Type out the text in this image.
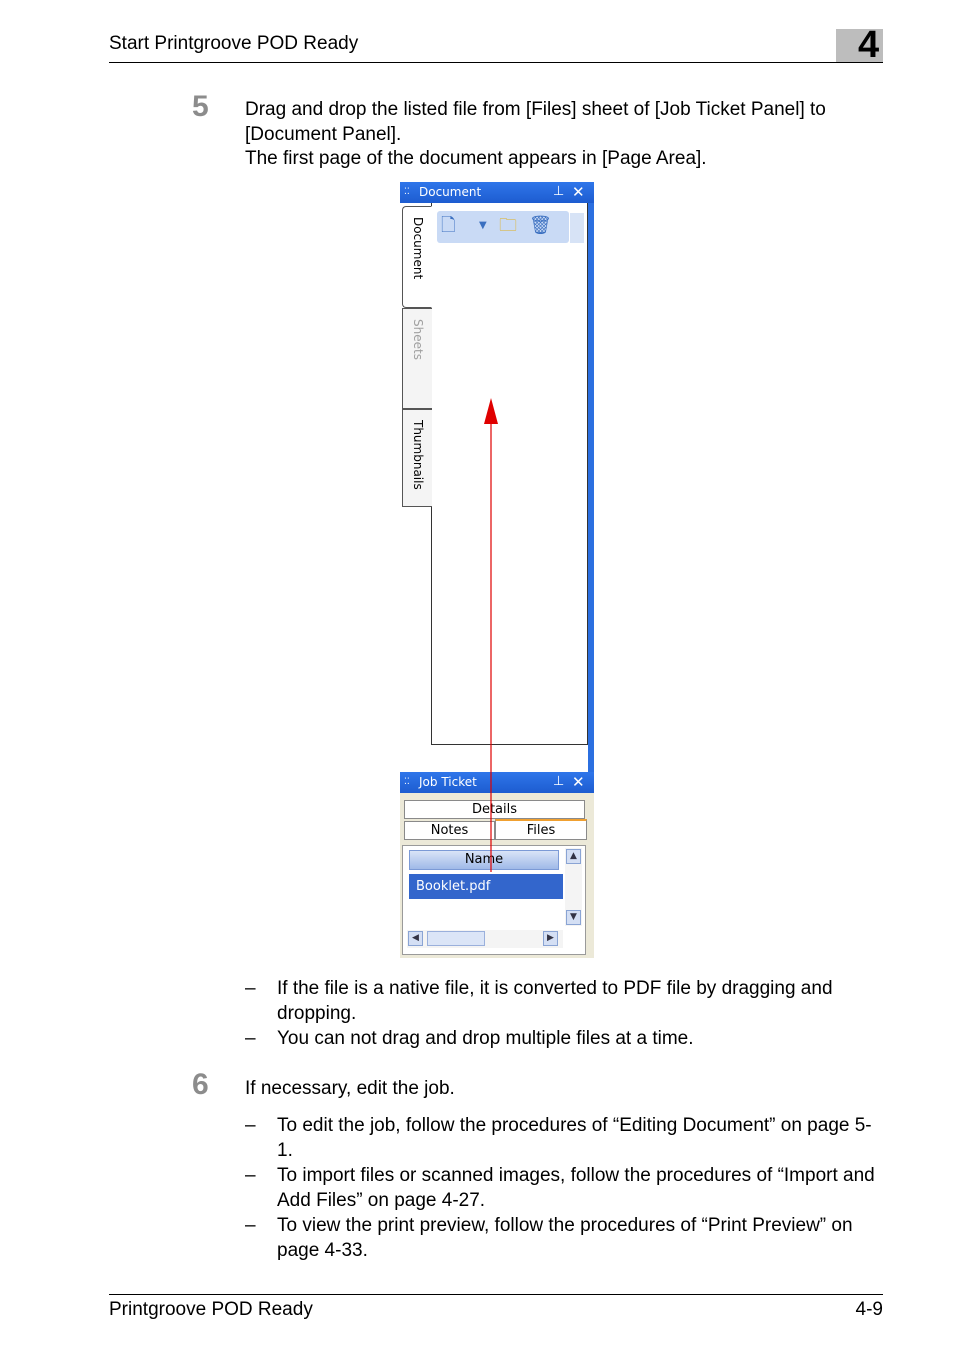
Start Printgroove POD Ready	4
5 Drag and drop the listed file from [Files] sheet of [Job Ticket Panel] to [Document Panel].
The first page of the document appears in [Page Area].
⁚⁚ Document	⊥ ✕
Document
Sheets
Thumbnails
🗋 ▼ 🗀 🗑
⁚⁚ Job Ticket	⊥ ✕
Details
Notes	Files
Name
Booklet.pdf
▲
▼
◀	▶
– If the file is a native file, it is converted to PDF file by dragging and dropping.
– You can not drag and drop multiple files at a time.
6 If necessary, edit the job.
– To edit the job, follow the procedures of “Editing Document” on page 5-1.
– To import files or scanned images, follow the procedures of “Import and Add Files” on page 4-27.
– To view the print preview, follow the procedures of “Print Preview” on page 4-33.
Printgroove POD Ready	4-9
